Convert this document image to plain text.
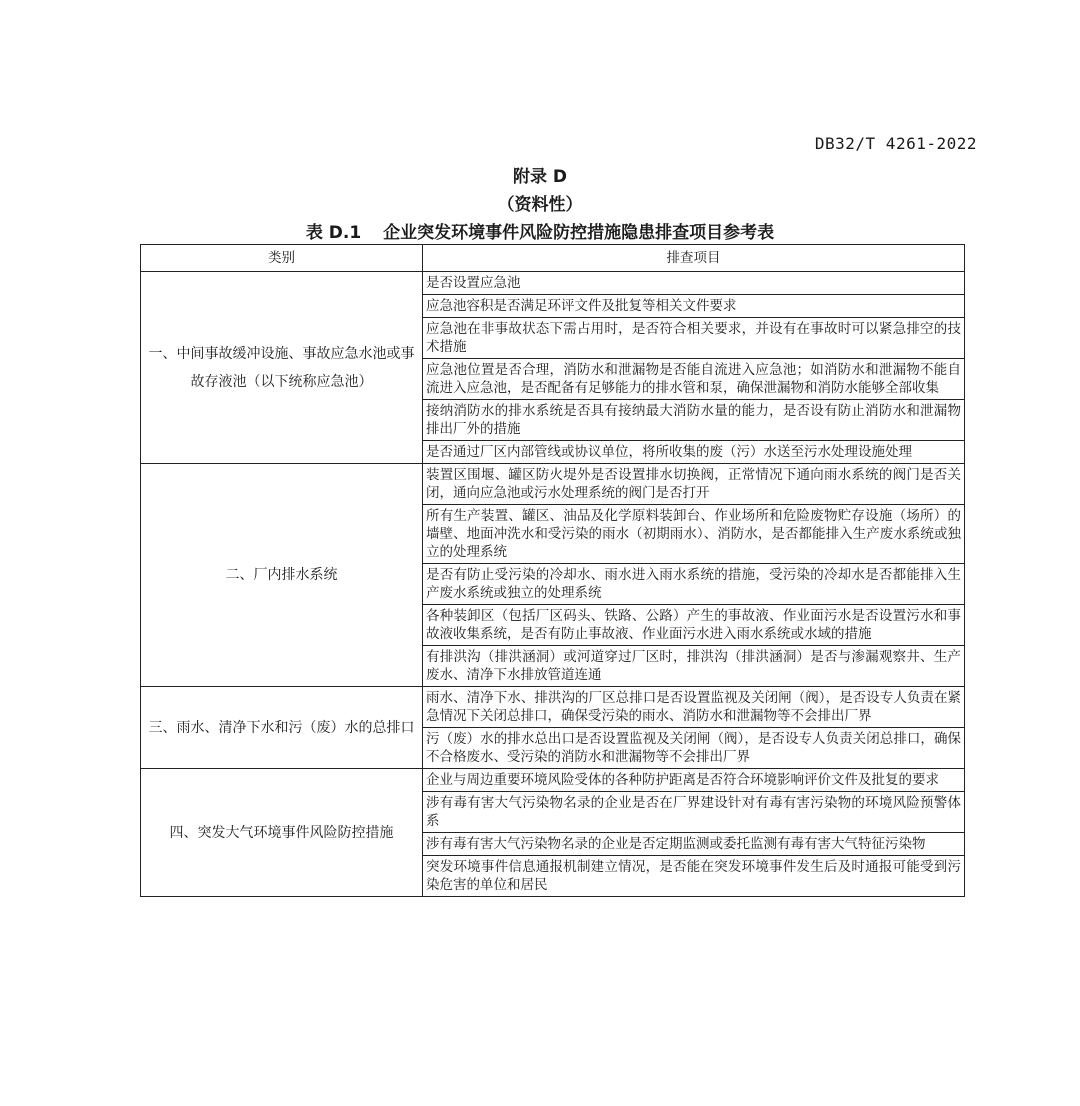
DB32/T 4261-2022
附录 D
（资料性）
表 D.1 企业突发环境事件风险防控措施隐患排查项目参考表
类别	排查项目
一、中间事故缓冲设施、事故应急水池或事故存液池（以下统称应急池）	是否设置应急池
	应急池容积是否满足环评文件及批复等相关文件要求
	应急池在非事故状态下需占用时，是否符合相关要求，并设有在事故时可以紧急排空的技术措施
	应急池位置是否合理，消防水和泄漏物是否能自流进入应急池；如消防水和泄漏物不能自流进入应急池，是否配备有足够能力的排水管和泵，确保泄漏物和消防水能够全部收集
	接纳消防水的排水系统是否具有接纳最大消防水量的能力，是否设有防止消防水和泄漏物排出厂外的措施
	是否通过厂区内部管线或协议单位，将所收集的废（污）水送至污水处理设施处理
二、厂内排水系统	装置区围堰、罐区防火堤外是否设置排水切换阀，正常情况下通向雨水系统的阀门是否关闭，通向应急池或污水处理系统的阀门是否打开
	所有生产装置、罐区、油品及化学原料装卸台、作业场所和危险废物贮存设施（场所）的墙壁、地面冲洗水和受污染的雨水（初期雨水）、消防水，是否都能排入生产废水系统或独立的处理系统
	是否有防止受污染的冷却水、雨水进入雨水系统的措施，受污染的冷却水是否都能排入生产废水系统或独立的处理系统
	各种装卸区（包括厂区码头、铁路、公路）产生的事故液、作业面污水是否设置污水和事故液收集系统，是否有防止事故液、作业面污水进入雨水系统或水域的措施
	有排洪沟（排洪涵洞）或河道穿过厂区时，排洪沟（排洪涵洞）是否与渗漏观察井、生产废水、清净下水排放管道连通
三、雨水、清净下水和污（废）水的总排口	雨水、清净下水、排洪沟的厂区总排口是否设置监视及关闭闸（阀），是否设专人负责在紧急情况下关闭总排口，确保受污染的雨水、消防水和泄漏物等不会排出厂界
	污（废）水的排水总出口是否设置监视及关闭闸（阀），是否设专人负责关闭总排口，确保不合格废水、受污染的消防水和泄漏物等不会排出厂界
四、突发大气环境事件风险防控措施	企业与周边重要环境风险受体的各种防护距离是否符合环境影响评价文件及批复的要求
	涉有毒有害大气污染物名录的企业是否在厂界建设针对有毒有害污染物的环境风险预警体系
	涉有毒有害大气污染物名录的企业是否定期监测或委托监测有毒有害大气特征污染物
	突发环境事件信息通报机制建立情况，是否能在突发环境事件发生后及时通报可能受到污染危害的单位和居民
